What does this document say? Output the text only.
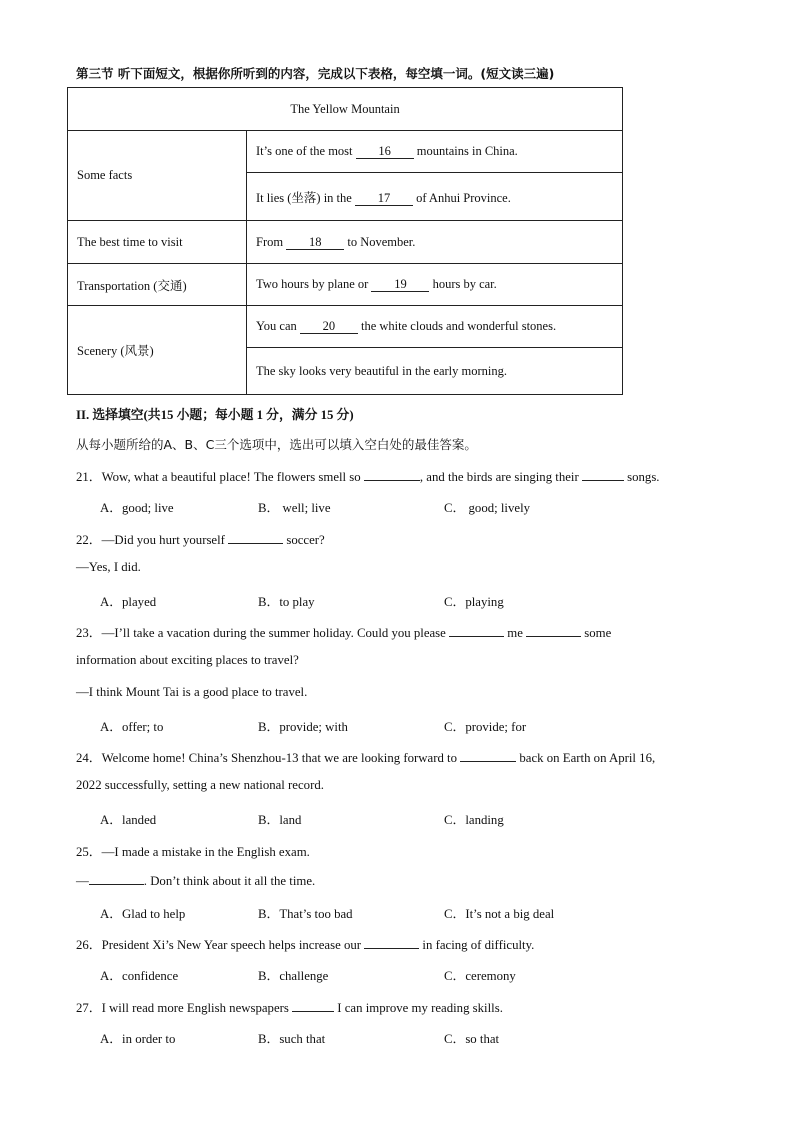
第三节 听下面短文，根据你所听到的内容，完成以下表格，每空填一词。(短文读三遍)
The Yellow Mountain	
Some facts	It’s one of the most 16 mountains in China.
	It lies (坐落) in the 17 of Anhui Province.
The best time to visit	From 18 to November.
Transportation (交通)	Two hours by plane or 19 hours by car.
Scenery (风景)	You can 20 the white clouds and wonderful stones.
	The sky looks very beautiful in the early morning.
II. 选择填空(共15 小题；每小题 1 分，满分 15 分)
从每小题所给的A、B、C三个选项中，选出可以填入空白处的最佳答案。
21．Wow, what a beautiful place! The flowers smell so	, and the birds are singing their	songs.
A．good; live	B． well; live	C． good; lively
22．—Did you hurt yourself	soccer?
—Yes, I did.
A．played	B．to play	C．playing
23．—I’ll take a vacation during the summer holiday. Could you please	me	some
information about exciting places to travel?
—I think Mount Tai is a good place to travel.
A．offer; to	B．provide; with	C．provide; for
24．Welcome home! China’s Shenzhou-13 that we are looking forward to	back on Earth on April 16,
2022 successfully, setting a new national record.
A．landed	B．land	C．landing
25．—I made a mistake in the English exam.
—	. Don’t think about it all the time.
A．Glad to help	B．That’s too bad	C．It’s not a big deal
26．President Xi’s New Year speech helps increase our	in facing of difficulty.
A．confidence	B．challenge	C．ceremony
27．I will read more English newspapers	I can improve my reading skills.
A．in order to	B．such that	C．so that
